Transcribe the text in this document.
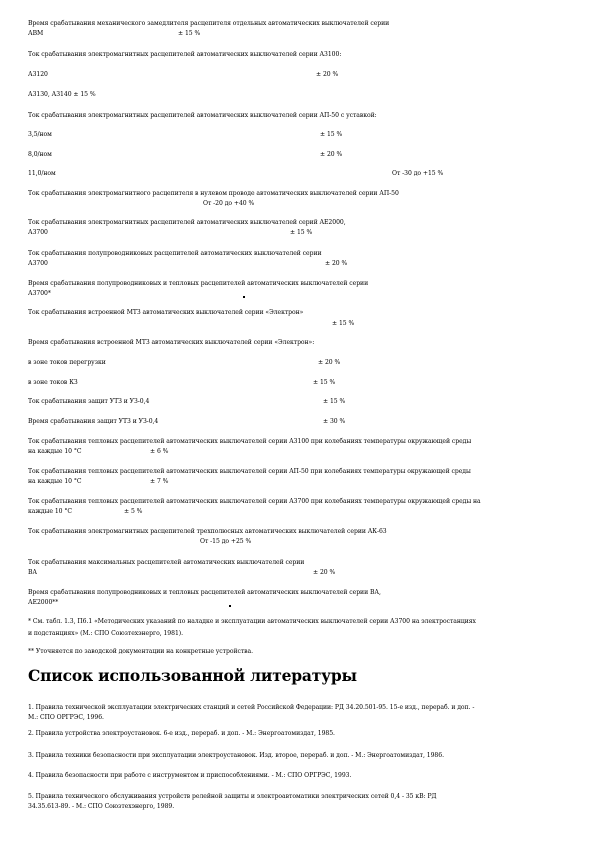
Время срабатывания механического замедлителя расцепителя отдельных автоматических выключателей серии
АВМ	± 15 %
Ток срабатывания электромагнитных расцепителей автоматических выключателей серии А3100:
А3120	± 20 %
А3130, А3140 ± 15 %
Ток срабатывания электромагнитных расцепителей автоматических выключателей серии АП-50 с уставкой:
3,5/ном	± 15 %
8,0/ном	± 20 %
11,0/ном	От -30 до +15 %
Ток срабатывания электромагнитного расцепителя в нулевом проводе автоматических выключателей серии АП-50
От -20 до +40 %
Ток срабатывания электромагнитных расцепителей автоматических выключателей серий АЕ2000,
А3700	± 15 %
Ток срабатывания полупроводниковых расцепителей автоматических выключателей серии
А3700	± 20 %
Время срабатывания полупроводниковых и тепловых расцепителей автоматических выключателей серии
А3700*
Ток срабатывания встроенной МТЗ автоматических выключателей серии «Электрон»
± 15 %
Время срабатывания встроенной МТЗ автоматических выключателей серии «Электрон»:
в зоне токов перегрузки	± 20 %
в зоне токов КЗ	± 15 %
Ток срабатывания защит УТЗ и УЗ-0,4	± 15 %
Время срабатывания защит УТЗ и УЗ-0,4	± 30 %
Ток срабатывания тепловых расцепителей автоматических выключателей серии А3100 при колебаниях температуры окружающей среды
на каждые 10 °С	± 6 %
Ток срабатывания тепловых расцепителей автоматических выключателей серии АП-50 при колебаниях температуры окружающей среды
на каждые 10 °С	± 7 %
Ток срабатывания тепловых расцепителей автоматических выключателей серии А3700 при колебаниях температуры окружающей среды на
каждые 10 °С	± 5 %
Ток срабатывания электромагнитных расцепителей трехполюсных автоматических выключателей серии АК-63
От -15 до +25 %
Ток срабатывания максимальных расцепителей автоматических выключателей серии
ВА	± 20 %
Время срабатывания полупроводниковых и тепловых расцепителей автоматических выключателей серии ВА,
АЕ2000**
* См. табл. 1.3, П6.1 «Методических указаний по наладке и эксплуатации автоматических выключателей серии А3700 на электростанциях
и подстанциях» (М.: СПО Союзтехэнерго, 1981).
** Уточняется по заводской документации на конкретные устройства.
Список использованной литературы
1. Правила технической эксплуатации электрических станций и сетей Российской Федерации: РД 34.20.501-95. 15-е изд., перераб. и доп. -
М.: СПО ОРГРЭС, 1996.
2. Правила устройства электроустановок. 6-е изд., перераб. и доп. - М.: Энергоатомиздат, 1985.
3. Правила техники безопасности при эксплуатации электроустановок. Изд. второе, перераб. и доп. - М.: Энергоатомиздат, 1986.
4. Правила безопасности при работе с инструментом и приспособлениями. - М.: СПО ОРГРЭС, 1993.
5. Правила технического обслуживания устройств релейной защиты и электроавтоматики электрических сетей 0,4 - 35 кВ: РД
34.35.613-89. - М.: СПО Союзтехэнерго, 1989.
